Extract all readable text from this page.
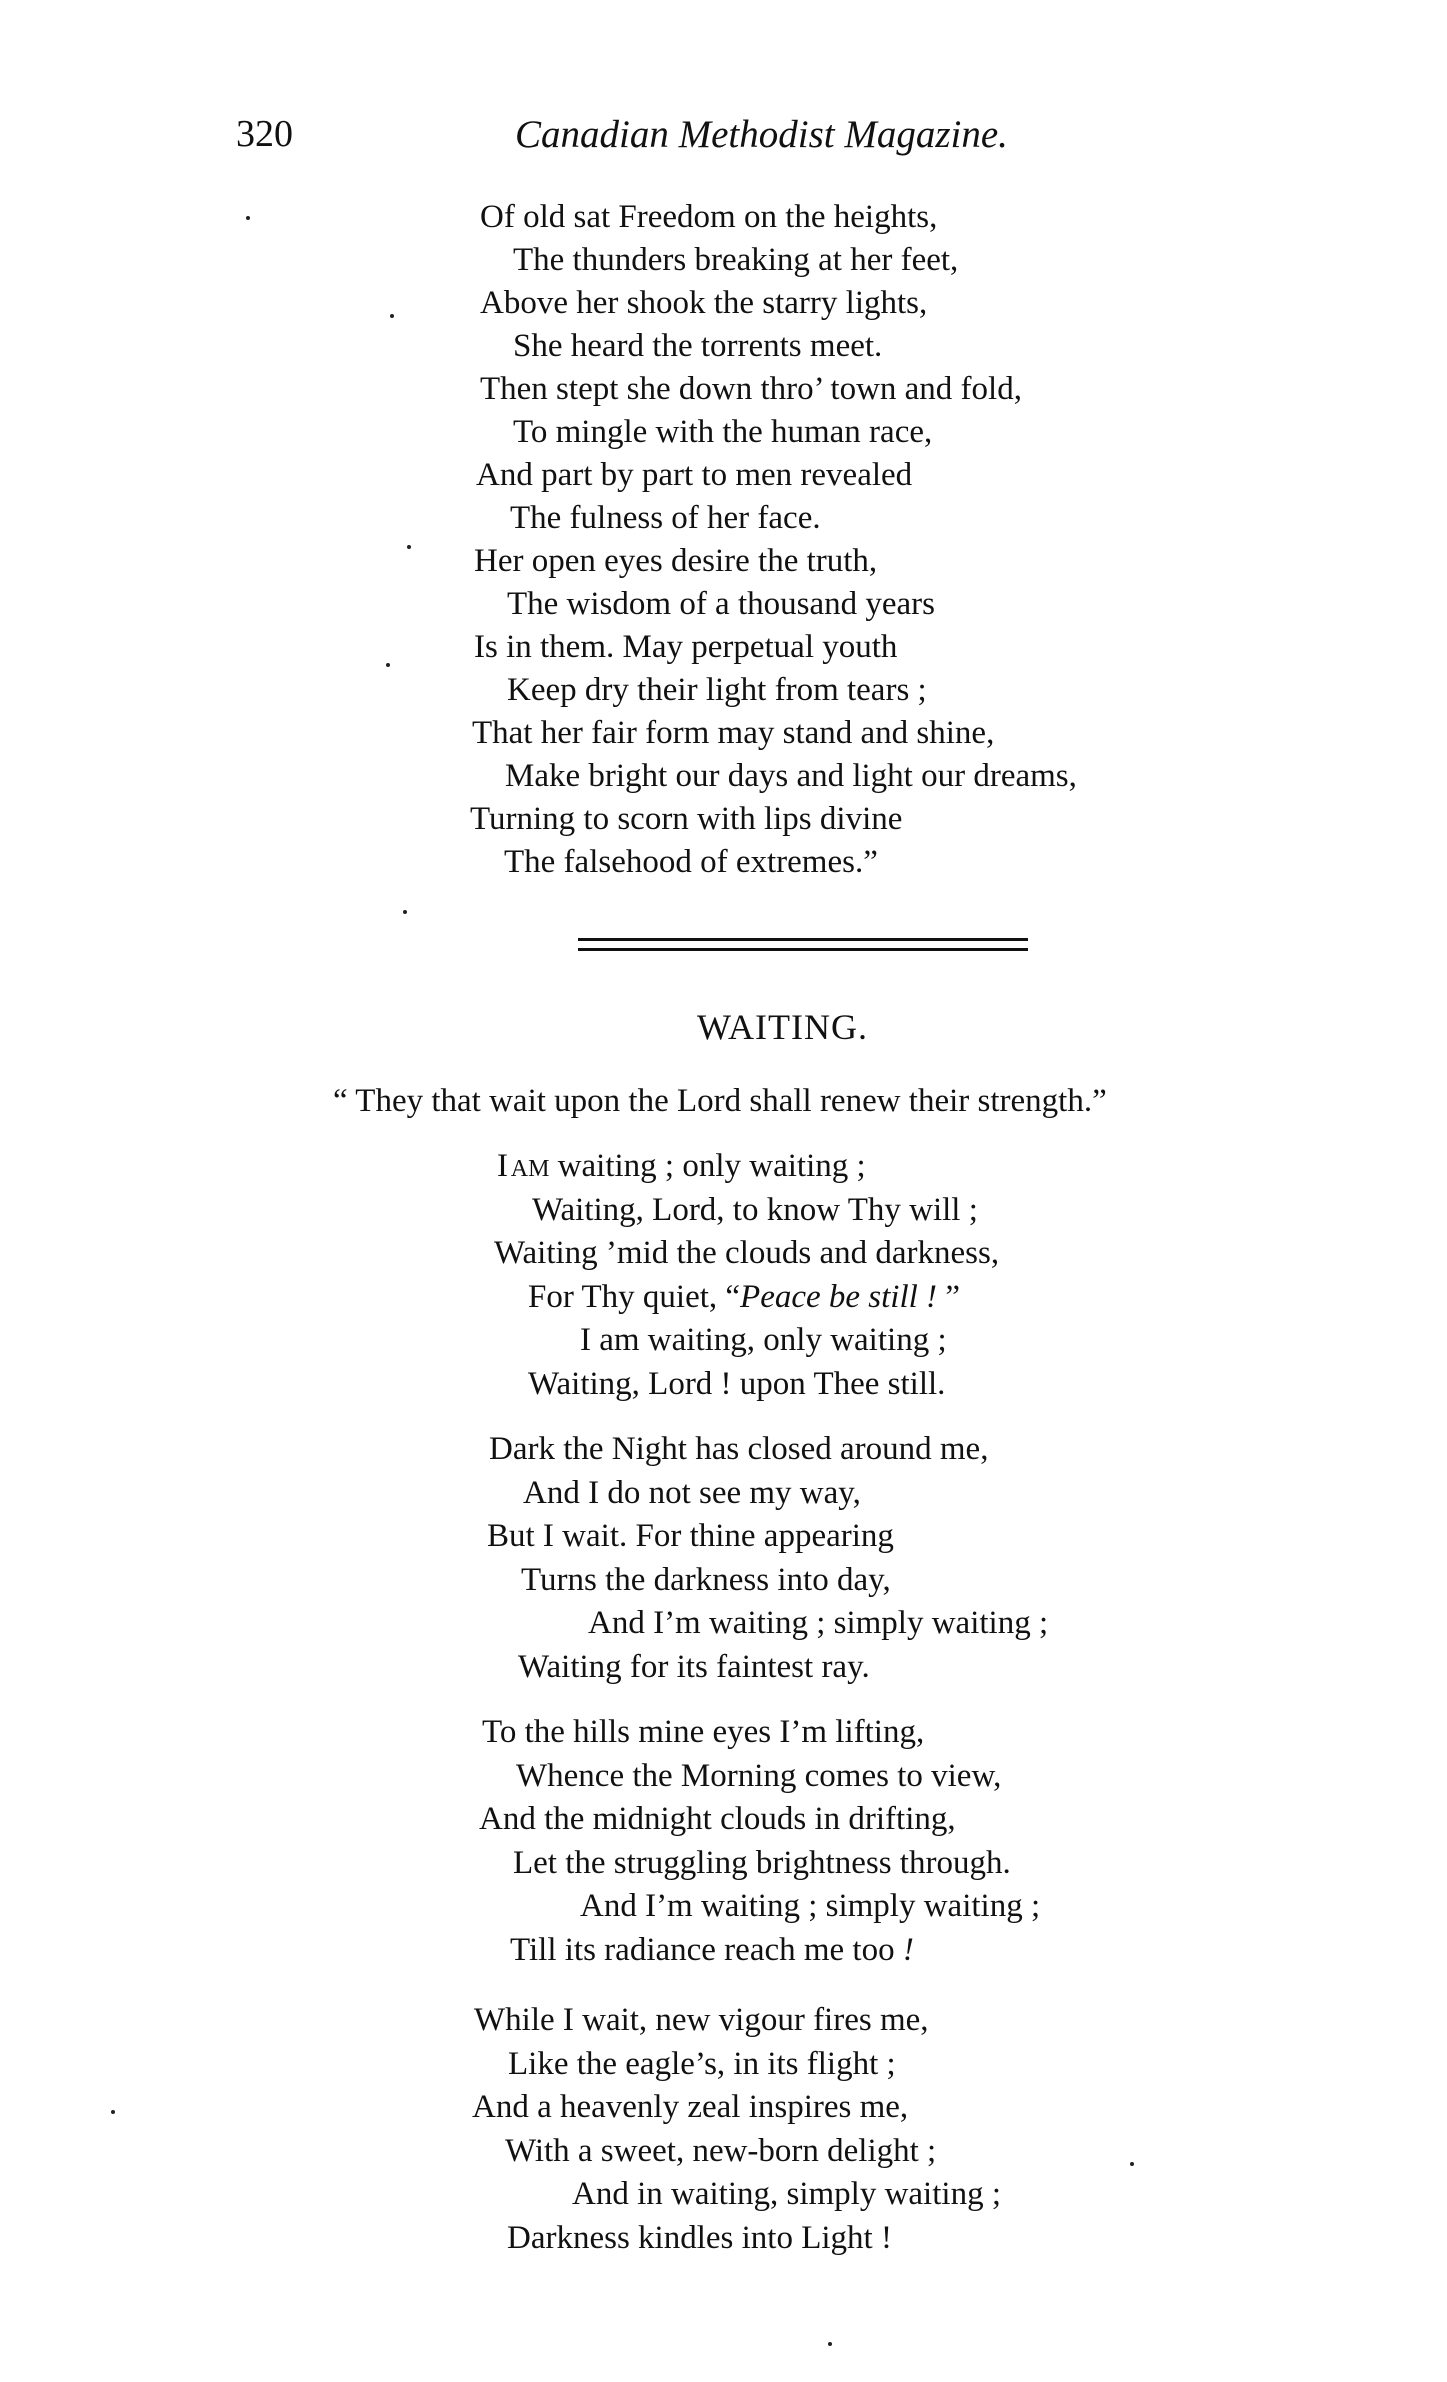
320	Canadian Methodist Magazine.
Of old sat Freedom on the heights,
The thunders breaking at her feet,
Above her shook the starry lights,
She heard the torrents meet.
Then stept she down thro’ town and fold,
To mingle with the human race,
And part by part to men revealed
The fulness of her face.
Her open eyes desire the truth,
The wisdom of a thousand years
Is in them. May perpetual youth
Keep dry their light from tears ;
That her fair form may stand and shine,
Make bright our days and light our dreams,
Turning to scorn with lips divine
The falsehood of extremes.”
WAITING.
“ They that wait upon the Lord shall renew their strength.”
I  AM waiting ; only waiting ;
Waiting, Lord, to know Thy will ;
Waiting ’mid the clouds and darkness,
For Thy quiet, “Peace be still ! ”
I am waiting, only waiting ;
Waiting, Lord ! upon Thee still.
Dark the Night has closed around me,
And I do not see my way,
But I wait. For thine appearing
Turns the darkness into day,
And I’m waiting ; simply waiting ;
Waiting for its faintest ray.
To the hills mine eyes I’m lifting,
Whence the Morning comes to view,
And the midnight clouds in drifting,
Let the struggling brightness through.
And I’m waiting ; simply waiting ;
Till its radiance reach me too !
While I wait, new vigour fires me,
Like the eagle’s, in its flight ;
And a heavenly zeal inspires me,
With a sweet, new-born delight ;
And in waiting, simply waiting ;
Darkness kindles into Light !
